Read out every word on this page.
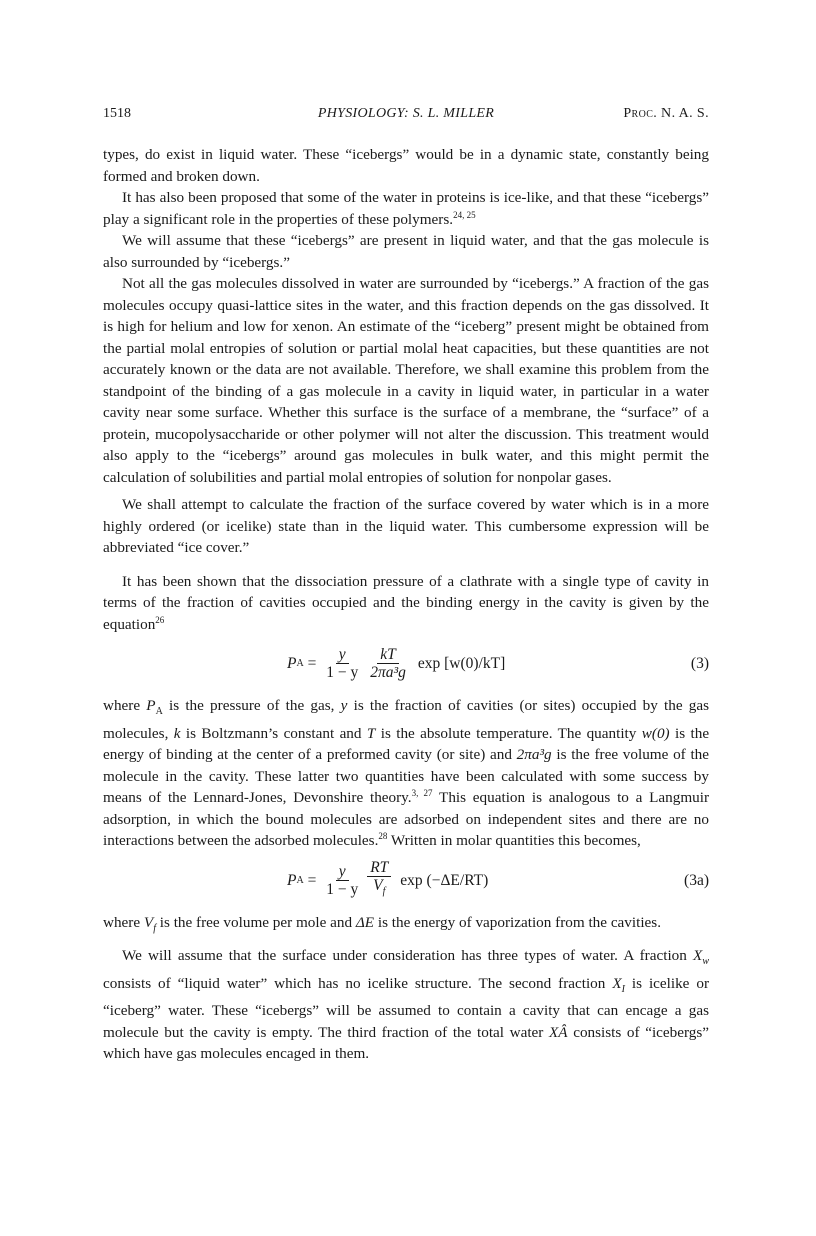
1518	PHYSIOLOGY: S. L. MILLER	Proc. N. A. S.

types, do exist in liquid water. These “icebergs” would be in a dynamic state, constantly being formed and broken down.

It has also been proposed that some of the water in proteins is ice-like, and that these “icebergs” play a significant role in the properties of these polymers.$^{24, 25}$

We will assume that these “icebergs” are present in liquid water, and that the gas molecule is also surrounded by “icebergs.”

Not all the gas molecules dissolved in water are surrounded by “icebergs.” A fraction of the gas molecules occupy quasi-lattice sites in the water, and this fraction depends on the gas dissolved. It is high for helium and low for xenon. An estimate of the “iceberg” present might be obtained from the partial molal entropies of solution or partial molal heat capacities, but these quantities are not accurately known or the data are not available. Therefore, we shall examine this problem from the standpoint of the binding of a gas molecule in a cavity in liquid water, in particular in a water cavity near some surface. Whether this surface is the surface of a membrane, the “surface” of a protein, mucopolysaccharide or other polymer will not alter the discussion. This treatment would also apply to the “icebergs” around gas molecules in bulk water, and this might permit the calculation of solubilities and partial molal entropies of solution for nonpolar gases.

We shall attempt to calculate the fraction of the surface covered by water which is in a more highly ordered (or icelike) state than in the liquid water. This cumbersome expression will be abbreviated “ice cover.”

It has been shown that the dissociation pressure of a clathrate with a single type of cavity in terms of the fraction of cavities occupied and the binding energy in the cavity is given by the equation$^{26}$

P $A = \frac{y}{1 - y} \frac{kT}{\text{2πa³g}}$ exp [w(0)/kT]	(3)

where $P_A$ is the pressure of the gas, y is the fraction of cavities (or sites) occupied by the gas molecules, k is Boltzmann’s constant and T is the absolute temperature. The quantity w(0) is the energy of binding at the center of a preformed cavity (or site) and 2πa³g is the free volume of the molecule in the cavity. These latter two quantities have been calculated with some success by means of the Lennard-Jones, Devonshire theory.$^{3, 27}$ This equation is analogous to a Langmuir adsorption, in which the bound molecules are adsorbed on independent sites and there are no interactions between the adsorbed molecules.$^{28}$ Written in molar quantities this becomes,

P $A = \frac{y}{1 - y} \frac{RT}{V_f}$ exp (−ΔE/RT)	(3a)

where $V_f$ is the free volume per mole and ΔE is the energy of vaporization from the cavities.

We will assume that the surface under consideration has three types of water. A fraction $X_w$ consists of “liquid water” which has no icelike structure. The second fraction $X_I$ is icelike or “iceberg” water. These “icebergs” will be assumed to contain a cavity that can encage a gas molecule but the cavity is empty. The third fraction of the total water XÂ consists of “icebergs” which have gas molecules encaged in them.
